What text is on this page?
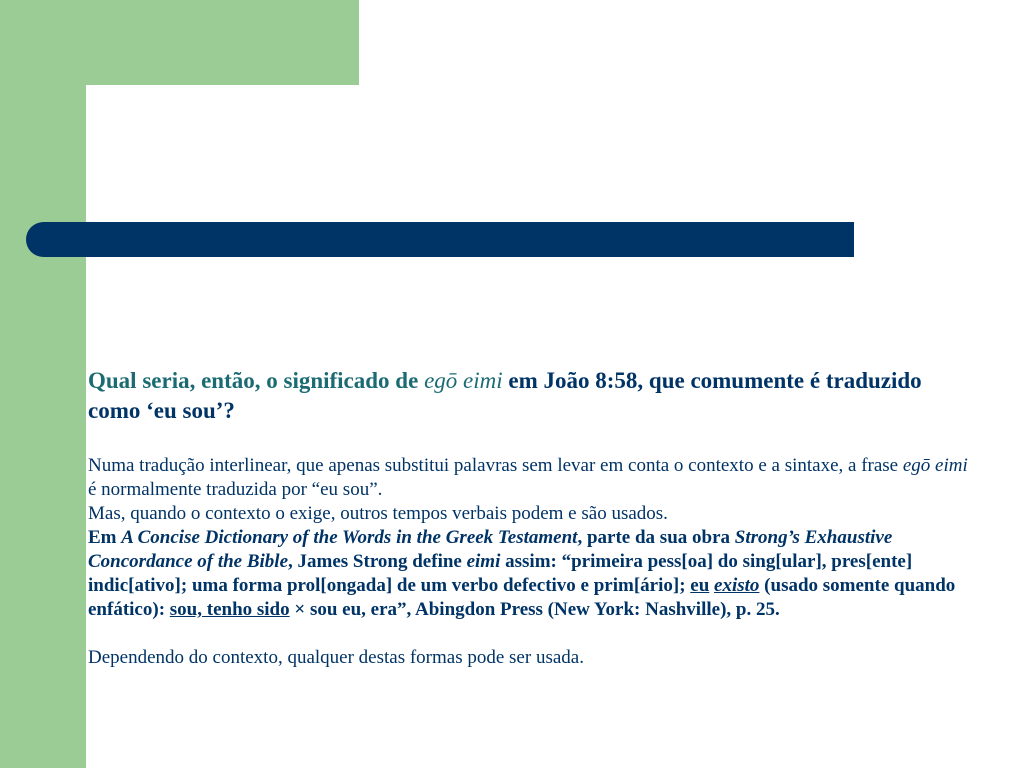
Qual seria, então, o significado de egō eimi em João 8:58, que comumente é traduzido como ‘eu sou’?

Numa tradução interlinear, que apenas substitui palavras sem levar em conta o contexto e a sintaxe, a frase egō eimi é normalmente traduzida por “eu sou”.
Mas, quando o contexto o exige, outros tempos verbais podem e são usados.
Em A Concise Dictionary of the Words in the Greek Testament, parte da sua obra Strong’s Exhaustive Concordance of the Bible, James Strong define eimi assim: “primeira pess[oa] do sing[ular], pres[ente] indic[ativo]; uma forma prol[ongada] de um verbo defectivo e prim[ário]; eu existo (usado somente quando enfático): sou, tenho sido × sou eu, era”, Abingdon Press (New York: Nashville), p. 25.
Dependendo do contexto, qualquer destas formas pode ser usada.
